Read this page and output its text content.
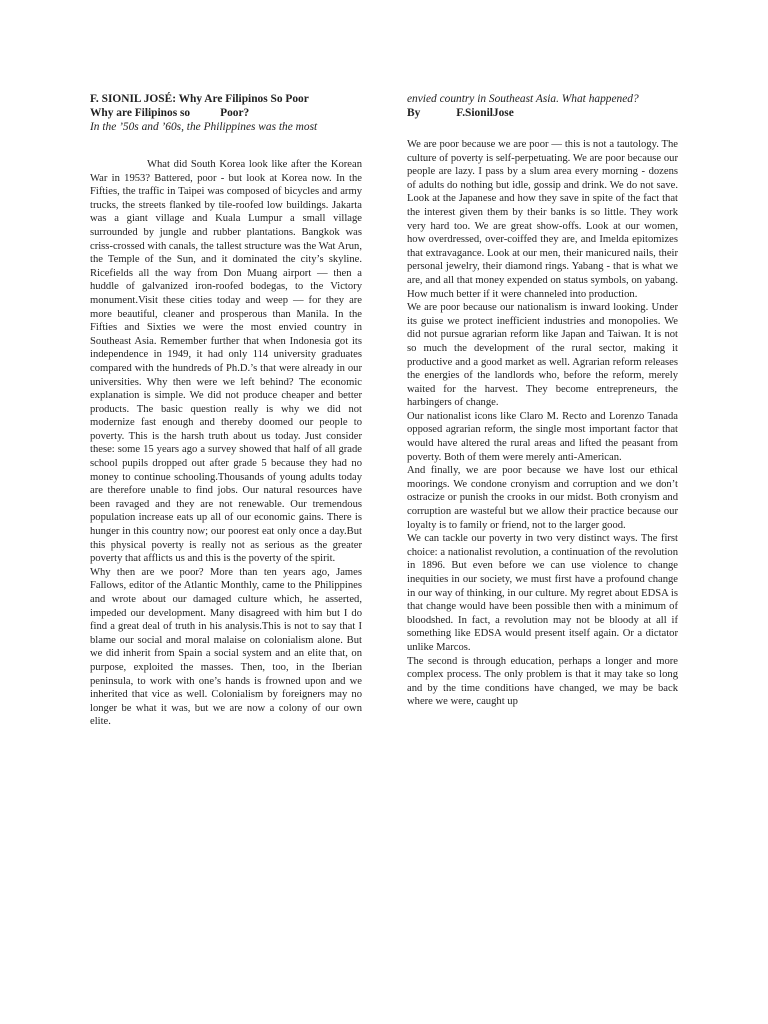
F. SIONIL JOSÉ: Why Are Filipinos So Poor

Why are Filipinos so	Poor?

In the ’50s and ’60s, the Philippines was the most

What did South Korea look like after the Korean War in 1953? Battered, poor - but look at Korea now. In the Fifties, the traffic in Taipei was composed of bicycles and army trucks, the streets flanked by tile-roofed low buildings. Jakarta was a giant village and Kuala Lumpur a small village surrounded by jungle and rubber plantations. Bangkok was criss-crossed with canals, the tallest structure was the Wat Arun, the Temple of the Sun, and it dominated the city’s skyline. Ricefields all the way from Don Muang airport — then a huddle of galvanized iron-roofed bodegas, to the Victory monument.Visit these cities today and weep — for they are more beautiful, cleaner and prosperous than Manila. In the Fifties and Sixties we were the most envied country in Southeast Asia. Remember further that when Indonesia got its independence in 1949, it had only 114 university graduates compared with the hundreds of Ph.D.’s that were already in our universities. Why then were we left behind? The economic explanation is simple. We did not produce cheaper and better products. The basic question really is why we did not modernize fast enough and thereby doomed our people to poverty. This is the harsh truth about us today. Just consider these: some 15 years ago a survey showed that half of all grade school pupils dropped out after grade 5 because they had no money to continue schooling.Thousands of young adults today are therefore unable to find jobs. Our natural resources have been ravaged and they are not renewable. Our tremendous population increase eats up all of our economic gains. There is hunger in this country now; our poorest eat only once a day.But this physical poverty is really not as serious as the greater poverty that afflicts us and this is the poverty of the spirit.

Why then are we poor? More than ten years ago, James Fallows, editor of the Atlantic Monthly, came to the Philippines and wrote about our damaged culture which, he asserted, impeded our development. Many disagreed with him but I do find a great deal of truth in his analysis.This is not to say that I blame our social and moral malaise on colonialism alone. But we did inherit from Spain a social system and an elite that, on purpose, exploited the masses. Then, too, in the Iberian peninsula, to work with one’s hands is frowned upon and we inherited that vice as well. Colonialism by foreigners may no longer be what it was, but we are now a colony of our own elite.

envied country in Southeast Asia. What happened?

By	F.SionilJose

We are poor because we are poor — this is not a tautology. The culture of poverty is self-perpetuating. We are poor because our people are lazy. I pass by a slum area every morning - dozens of adults do nothing but idle, gossip and drink. We do not save. Look at the Japanese and how they save in spite of the fact that the interest given them by their banks is so little. They work very hard too. We are great show-offs. Look at our women, how overdressed, over-coiffed they are, and Imelda epitomizes that extravagance. Look at our men, their manicured nails, their personal jewelry, their diamond rings. Yabang - that is what we are, and all that money expended on status symbols, on yabang. How much better if it were channeled into production.

We are poor because our nationalism is inward looking. Under its guise we protect inefficient industries and monopolies. We did not pursue agrarian reform like Japan and Taiwan. It is not so much the development of the rural sector, making it productive and a good market as well. Agrarian reform releases the energies of the landlords who, before the reform, merely waited for the harvest. They become entrepreneurs, the harbingers of change.

Our nationalist icons like Claro M. Recto and Lorenzo Tanada opposed agrarian reform, the single most important factor that would have altered the rural areas and lifted the peasant from poverty. Both of them were merely anti-American.

And finally, we are poor because we have lost our ethical moorings. We condone cronyism and corruption and we don’t ostracize or punish the crooks in our midst. Both cronyism and corruption are wasteful but we allow their practice because our loyalty is to family or friend, not to the larger good.

We can tackle our poverty in two very distinct ways. The first choice: a nationalist revolution, a continuation of the revolution in 1896. But even before we can use violence to change inequities in our society, we must first have a profound change in our way of thinking, in our culture. My regret about EDSA is that change would have been possible then with a minimum of bloodshed. In fact, a revolution may not be bloody at all if something like EDSA would present itself again. Or a dictator unlike Marcos.

The second is through education, perhaps a longer and more complex process. The only problem is that it may take so long and by the time conditions have changed, we may be back where we were, caught up
